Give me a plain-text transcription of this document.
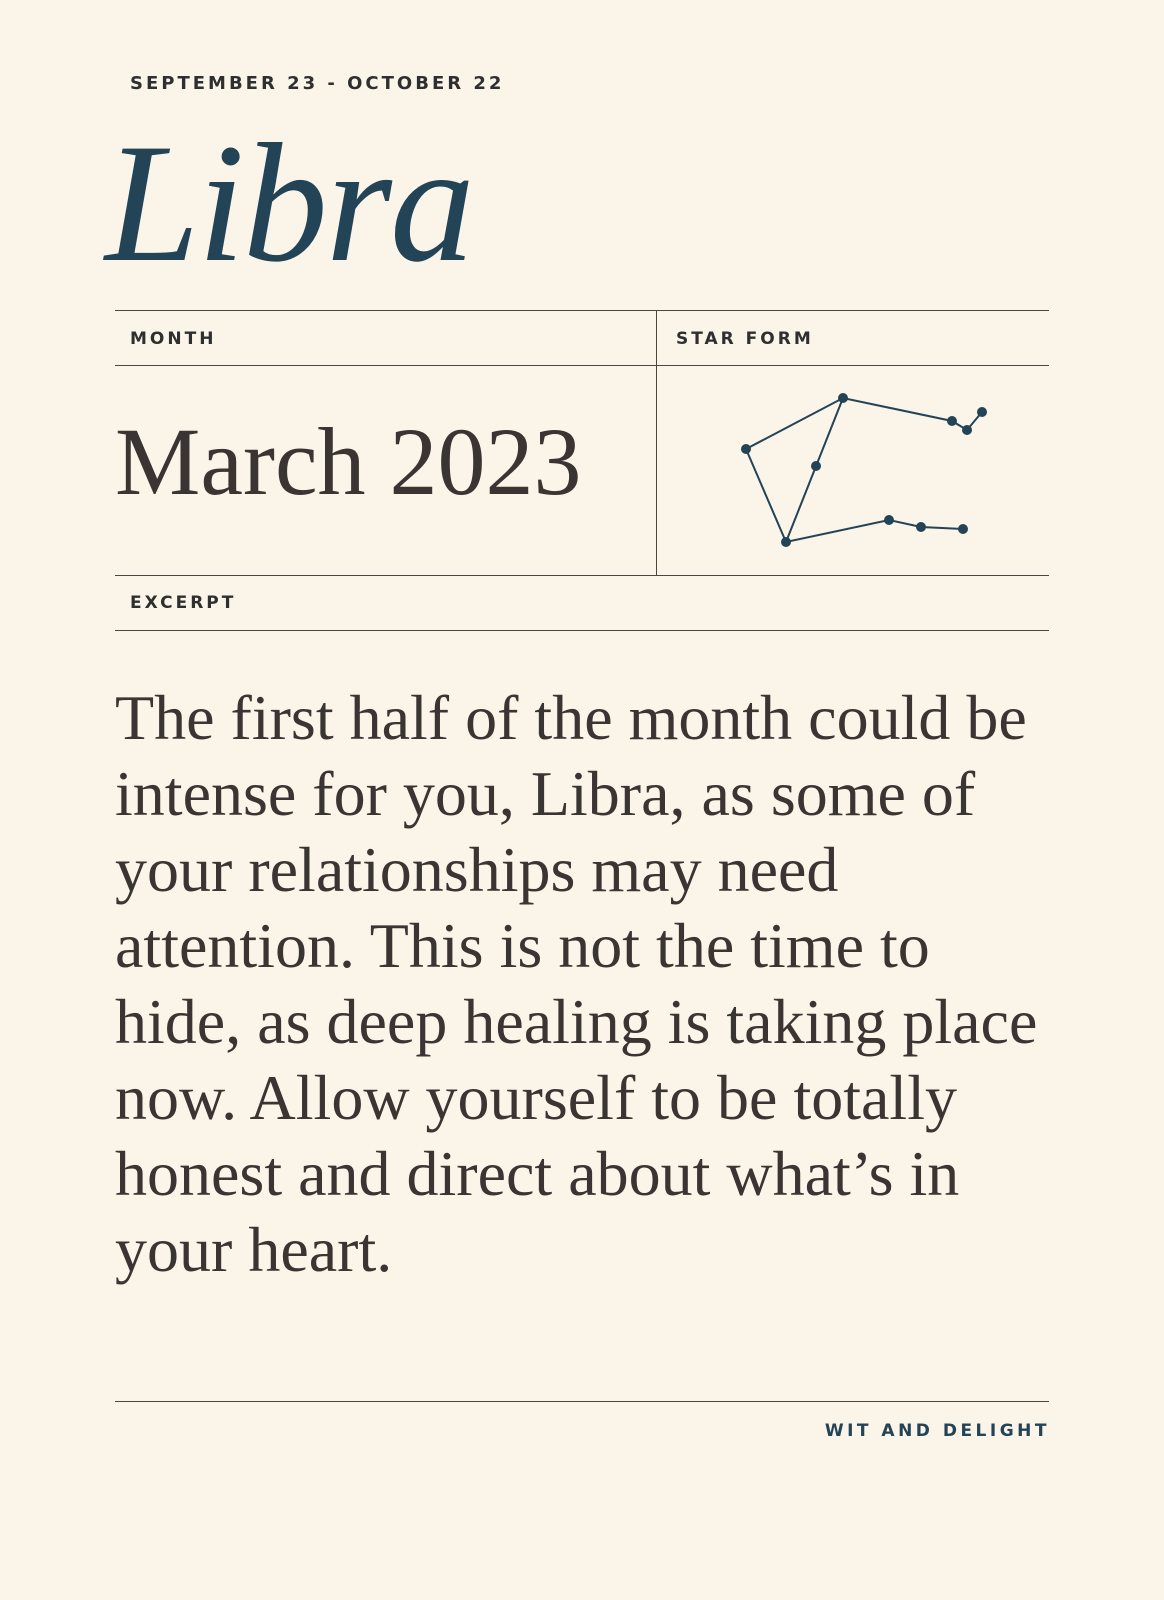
SEPTEMBER 23 - OCTOBER 22
Libra
MONTH	STAR FORM
March 2023
EXCERPT
The first half of the month could be intense for you, Libra, as some of your relationships may need attention. This is not the time to hide, as deep healing is taking place now. Allow yourself to be totally honest and direct about what’s in your heart.
WIT AND DELIGHT
